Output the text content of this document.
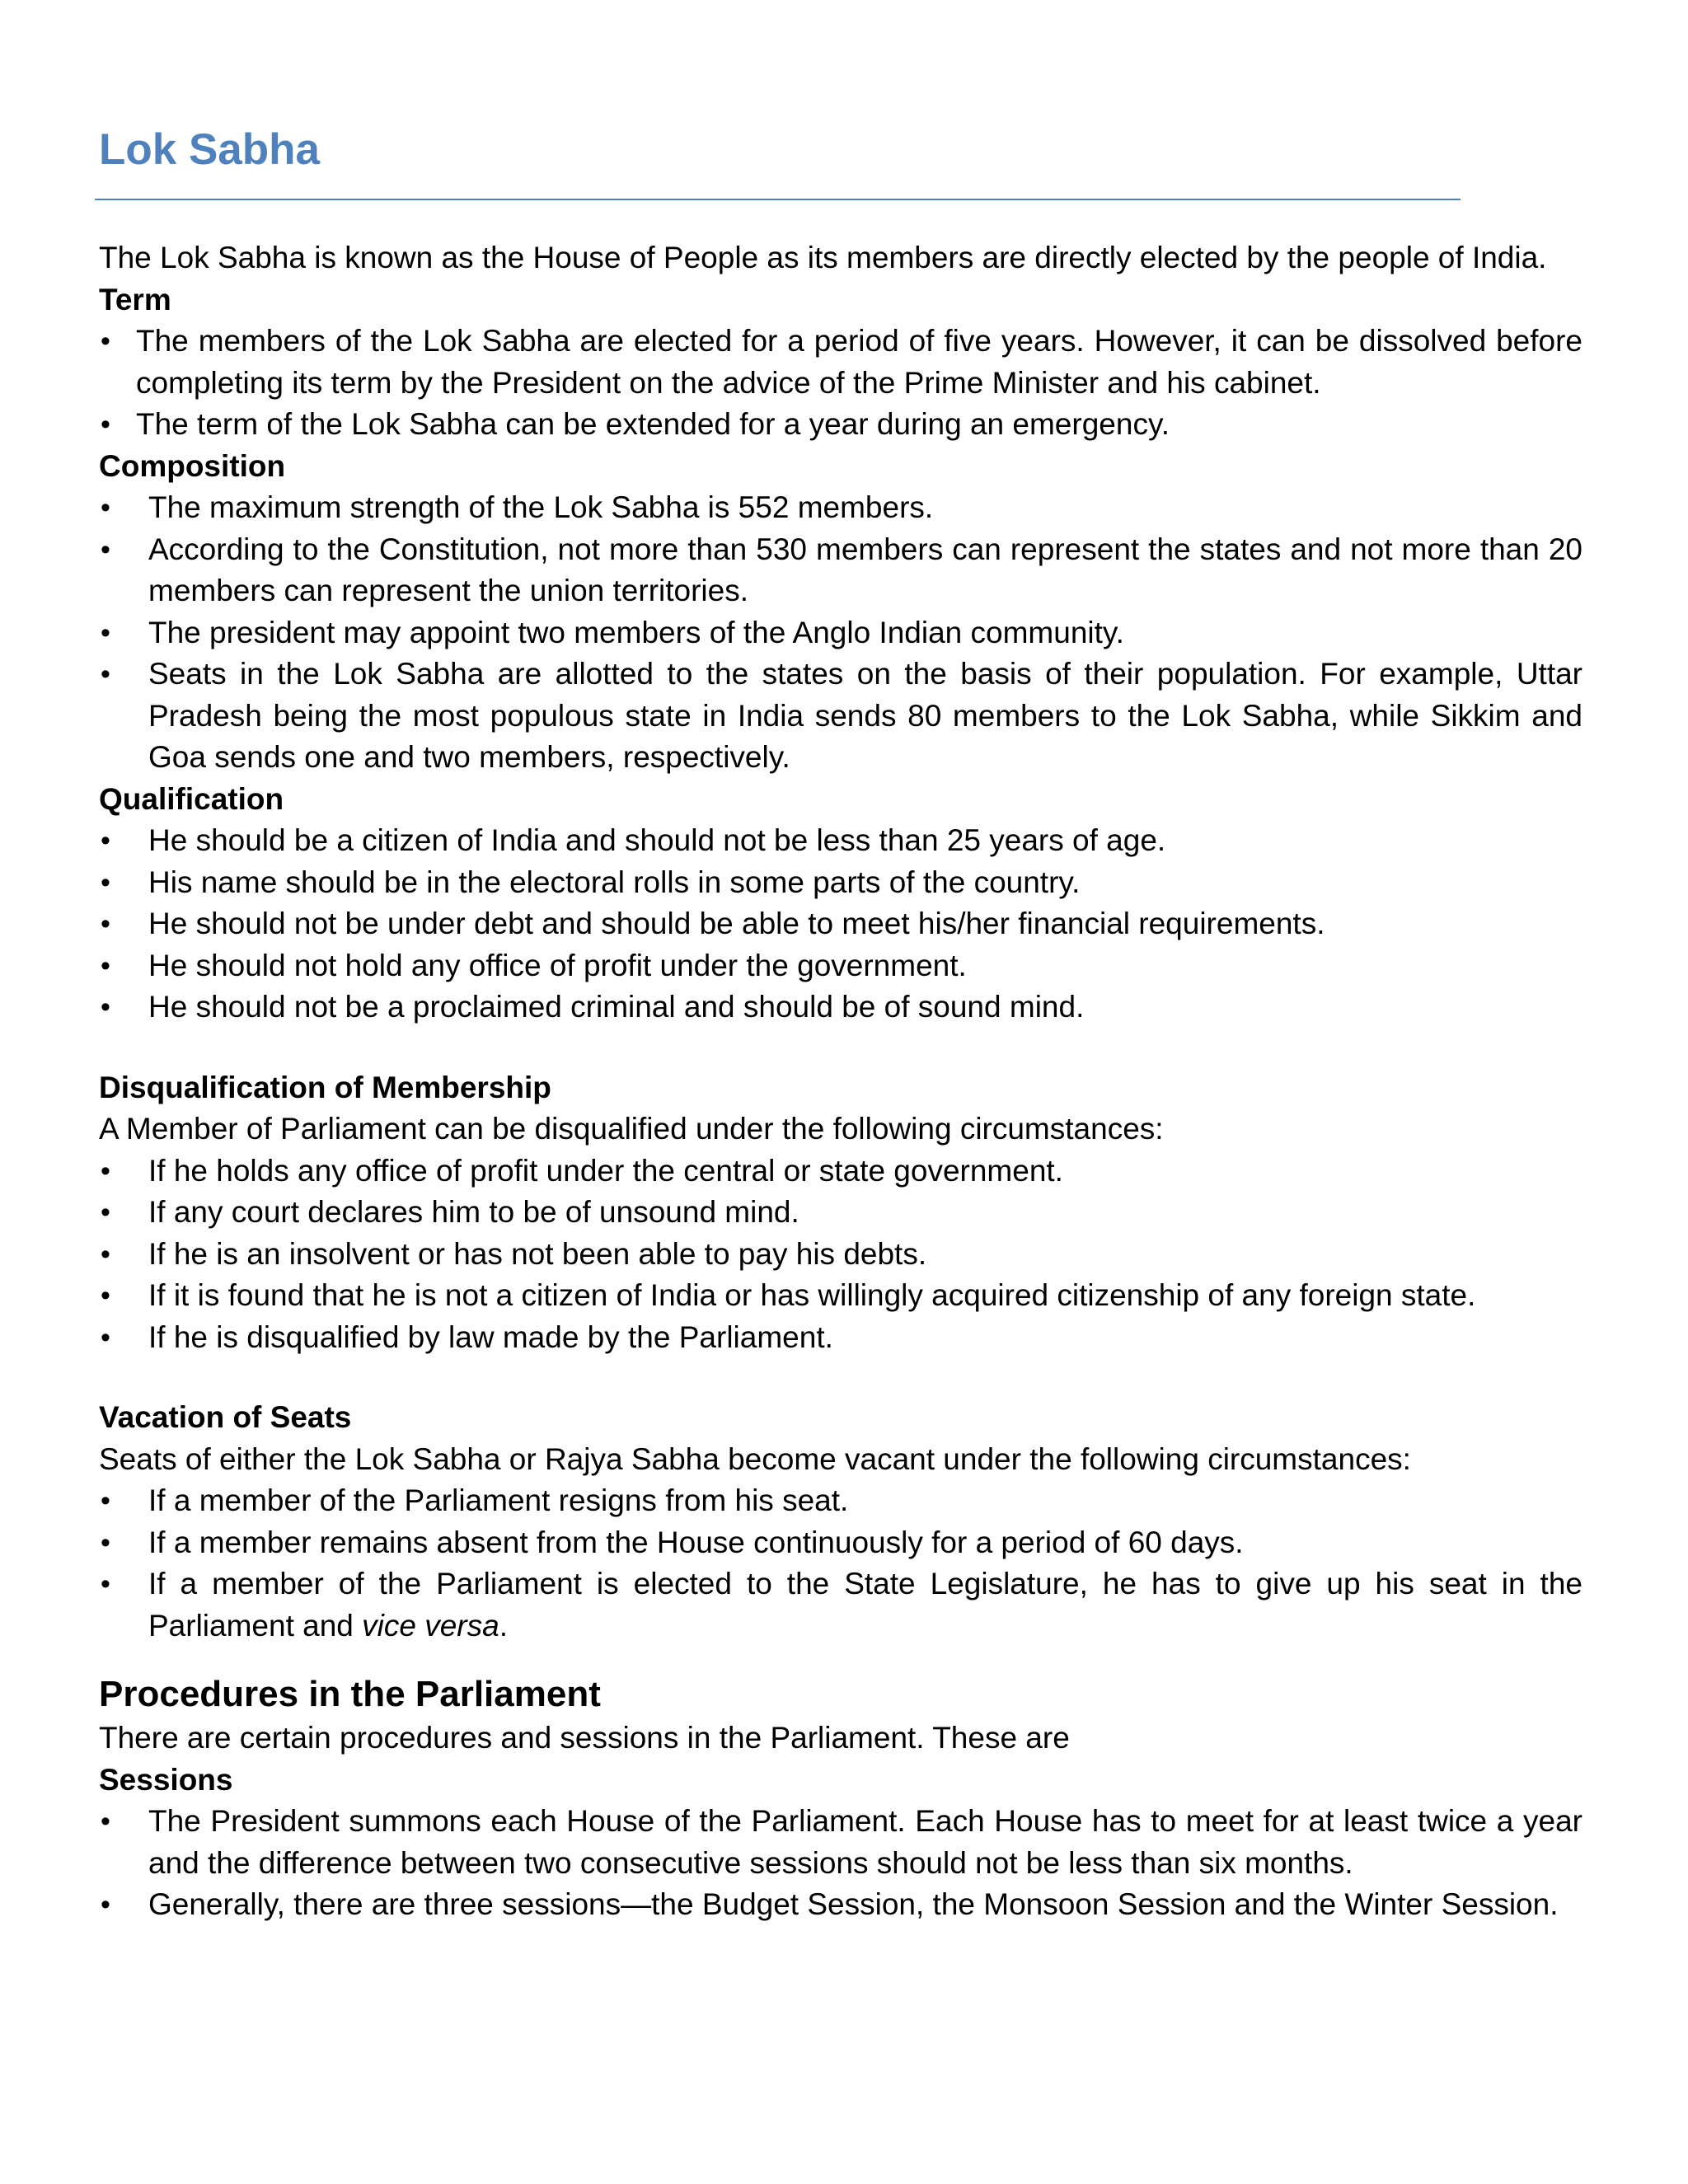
Lok Sabha

The Lok Sabha is known as the House of People as its members are directly elected by the people of India.

Term
• The members of the Lok Sabha are elected for a period of five years. However, it can be dissolved before completing its term by the President on the advice of the Prime Minister and his cabinet.
• The term of the Lok Sabha can be extended for a year during an emergency.
Composition
• The maximum strength of the Lok Sabha is 552 members.
• According to the Constitution, not more than 530 members can represent the states and not more than 20 members can represent the union territories.
• The president may appoint two members of the Anglo Indian community.
• Seats in the Lok Sabha are allotted to the states on the basis of their population. For example, Uttar Pradesh being the most populous state in India sends 80 members to the Lok Sabha, while Sikkim and Goa sends one and two members, respectively.
Qualification
• He should be a citizen of India and should not be less than 25 years of age.
• His name should be in the electoral rolls in some parts of the country.
• He should not be under debt and should be able to meet his/her financial requirements.
• He should not hold any office of profit under the government.
• He should not be a proclaimed criminal and should be of sound mind.
Disqualification of Membership

A Member of Parliament can be disqualified under the following circumstances:

• If he holds any office of profit under the central or state government.
• If any court declares him to be of unsound mind.
• If he is an insolvent or has not been able to pay his debts.
• If it is found that he is not a citizen of India or has willingly acquired citizenship of any foreign state.
• If he is disqualified by law made by the Parliament.
Vacation of Seats

Seats of either the Lok Sabha or Rajya Sabha become vacant under the following circumstances:

• If a member of the Parliament resigns from his seat.
• If a member remains absent from the House continuously for a period of 60 days.
• If a member of the Parliament is elected to the State Legislature, he has to give up his seat in the Parliament and vice versa.
Procedures in the Parliament

There are certain procedures and sessions in the Parliament. These are

Sessions
• The President summons each House of the Parliament. Each House has to meet for at least twice a year and the difference between two consecutive sessions should not be less than six months.
• Generally, there are three sessions—the Budget Session, the Monsoon Session and the Winter Session.
